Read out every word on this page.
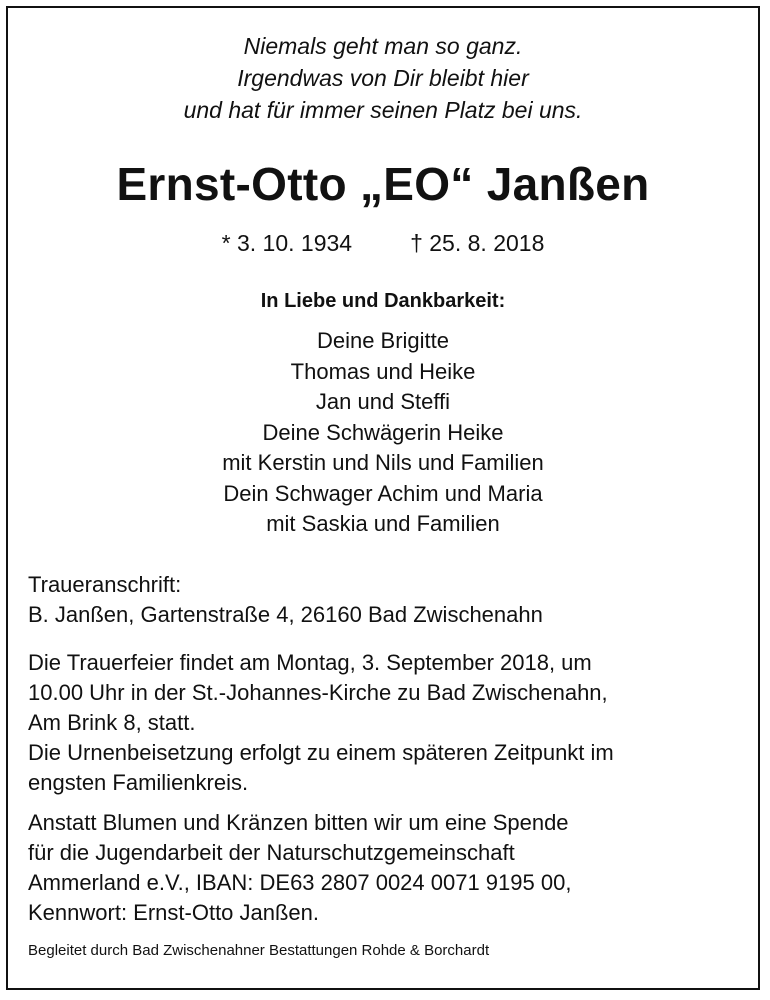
Niemals geht man so ganz.
Irgendwas von Dir bleibt hier
und hat für immer seinen Platz bei uns.
Ernst-Otto „EO“ Janßen
* 3. 10. 1934	† 25. 8. 2018
In Liebe und Dankbarkeit:
Deine Brigitte
Thomas und Heike
Jan und Steffi
Deine Schwägerin Heike
mit Kerstin und Nils und Familien
Dein Schwager Achim und Maria
mit Saskia und Familien
Traueranschrift:
B. Janßen, Gartenstraße 4, 26160 Bad Zwischenahn
Die Trauerfeier findet am Montag, 3. September 2018, um
10.00 Uhr in der St.-Johannes-Kirche zu Bad Zwischenahn,
Am Brink 8, statt.
Die Urnenbeisetzung erfolgt zu einem späteren Zeitpunkt im
engsten Familienkreis.
Anstatt Blumen und Kränzen bitten wir um eine Spende
für die Jugendarbeit der Naturschutzgemeinschaft
Ammerland e.V., IBAN: DE63 2807 0024 0071 9195 00,
Kennwort: Ernst-Otto Janßen.
Begleitet durch Bad Zwischenahner Bestattungen Rohde & Borchardt
